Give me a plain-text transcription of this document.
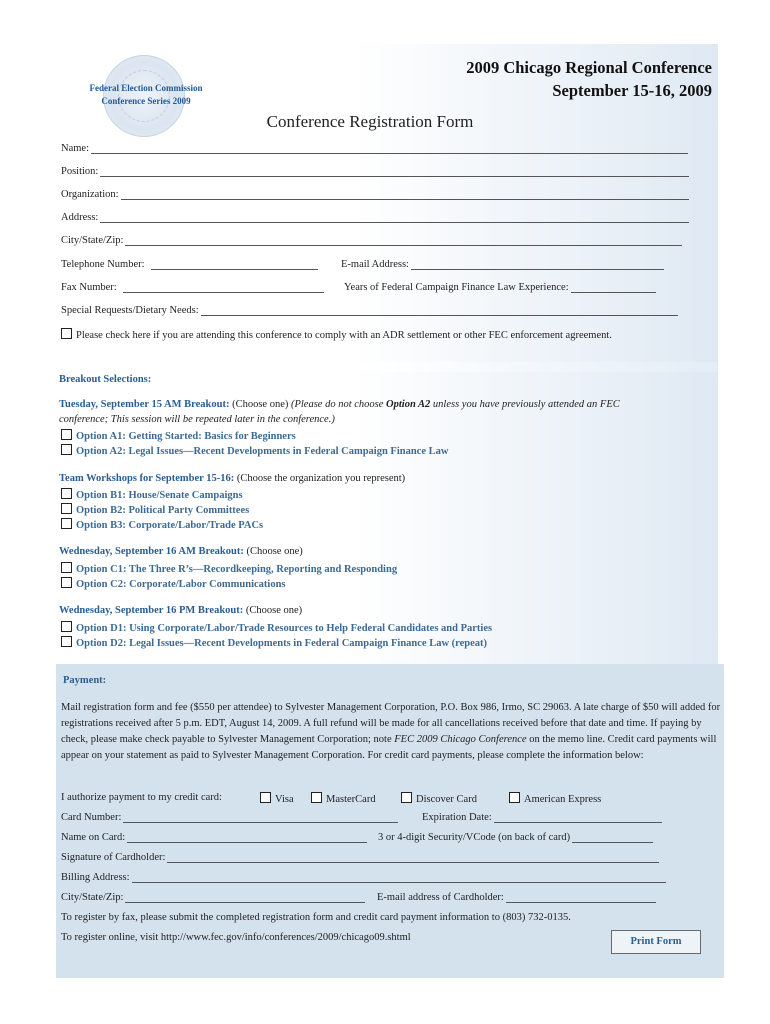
Federal Election Commission
Conference Series 2009
2009 Chicago Regional Conference
September 15-16, 2009
Conference Registration Form
Name:
Position:
Organization:
Address:
City/State/Zip:
Telephone Number:	E-mail Address:
Fax Number:	Years of Federal Campaign Finance Law Experience:
Special Requests/Dietary Needs:
Please check here if you are attending this conference to comply with an ADR settlement or other FEC enforcement agreement.
Breakout Selections:
Tuesday, September 15 AM Breakout: (Choose one) (Please do not choose Option A2 unless you have previously attended an FEC
conference; This session will be repeated later in the conference.)
Option A1: Getting Started: Basics for Beginners
Option A2: Legal Issues—Recent Developments in Federal Campaign Finance Law
Team Workshops for September 15-16: (Choose the organization you represent)
Option B1: House/Senate Campaigns
Option B2: Political Party Committees
Option B3: Corporate/Labor/Trade PACs
Wednesday, September 16 AM Breakout: (Choose one)
Option C1: The Three R’s—Recordkeeping, Reporting and Responding
Option C2: Corporate/Labor Communications
Wednesday, September 16 PM Breakout: (Choose one)
Option D1: Using Corporate/Labor/Trade Resources to Help Federal Candidates and Parties
Option D2: Legal Issues—Recent Developments in Federal Campaign Finance Law (repeat)
Payment:
Mail registration form and fee ($550 per attendee) to Sylvester Management Corporation, P.O. Box 986, Irmo, SC 29063. A late charge of $50 will added for registrations received after 5 p.m. EDT, August 14, 2009. A full refund will be made for all cancellations received before that date and time. If paying by check, please make check payable to Sylvester Management Corporation; note FEC 2009 Chicago Conference on the memo line. Credit card payments will appear on your statement as paid to Sylvester Management Corporation. For credit card payments, please complete the information below:
I authorize payment to my credit card:	Visa	MasterCard	Discover Card	American Express
Card Number:	Expiration Date:
Name on Card:	3 or 4-digit Security/VCode (on back of card)
Signature of Cardholder:
Billing Address:
City/State/Zip:	E-mail address of Cardholder:
To register by fax, please submit the completed registration form and credit card payment information to (803) 732-0135.
To register online, visit http://www.fec.gov/info/conferences/2009/chicago09.shtml	Print Form
